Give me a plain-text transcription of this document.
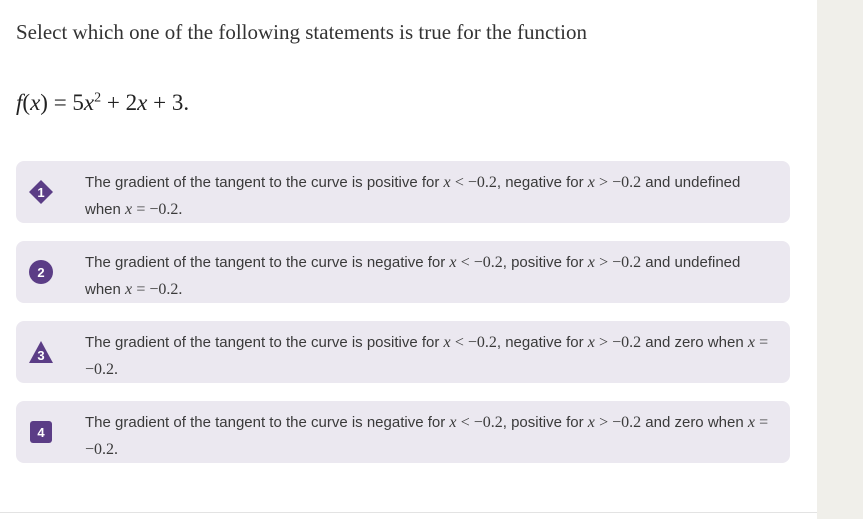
Select which one of the following statements is true for the function
$f(x) = 5x^2 + 2x + 3$.
1
The gradient of the tangent to the curve is positive for x < −0.2, negative for x > −0.2 and undefined when x = −0.2.
2
The gradient of the tangent to the curve is negative for x < −0.2, positive for x > −0.2 and undefined when x = −0.2.
3
The gradient of the tangent to the curve is positive for x < −0.2, negative for x > −0.2 and zero when x = −0.2.
4
The gradient of the tangent to the curve is negative for x < −0.2, positive for x > −0.2 and zero when x = −0.2.
